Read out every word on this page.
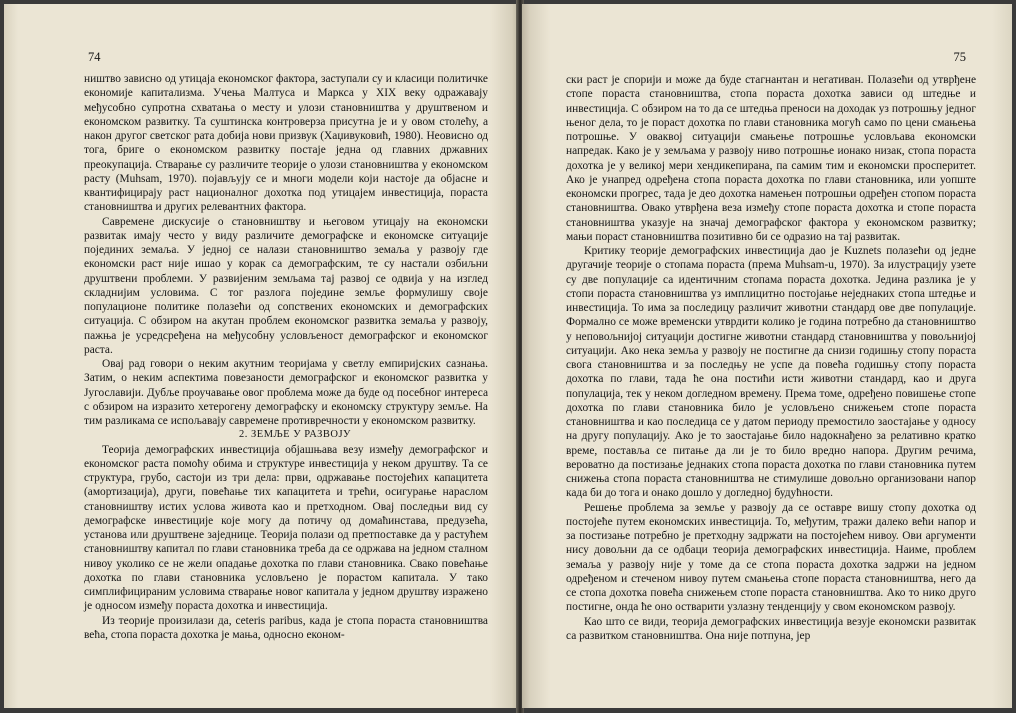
74

ништво зависно од утицаја економског фактора, заступали су и класици политичке економије капитализма. Учења Малтуса и Маркса у XIX веку одражавају међусобно супротна схватања о месту и улози становништва у друштвеном и економском развитку. Та суштинска контроверза присутна је и у овом столећу, а након другог светског рата добија нови призвук (Хаџивуковић, 1980). Неовисно од тога, бриге о економском развитку постаје једна од главних државних преокупација. Стварање су различите теорије о улози становништва у економском расту (Muhsam, 1970). појављују се и многи модели који настоје да објасне и квантифицирају раст националног дохотка под утицајем инвестиција, пораста становништва и других релевантних фактора.

Савремене дискусије о становништву и његовом утицају на економски развитак имају често у виду различите демографске и економске ситуације појединих земаља. У једној се налази становништво земаља у развоју где економски раст није ишао у корак са демографским, те су настали озбиљни друштвени проблеми. У развијеним земљама тај развој се одвија у на изглед складнијим условима. С тог разлога поједине земље формулишу своје популационе политике полазећи од сопствених економских и демографских ситуација. С обзиром на акутан проблем економског развитка земаља у развоју, пажња је усредсређена на међусобну условљеност демографског и економског раста.

Овај рад говори о неким акутним теоријама у светлу емпиријских сазнања. Затим, о неким аспектима повезаности демографског и економског развитка у Југославији. Дубље проучавање овог проблема може да буде од посебног интереса с обзиром на изразито хетерогену демографску и економску структуру земље. На тим разликама се испољавају савремене противречности у економском развитку.

2. ЗЕМЉЕ У РАЗВОЈУ

Теорија демографских инвестиција објашњава везу између демографског и економског раста помоћу обима и структуре инвестиција у неком друштву. Та се структура, грубо, састоји из три дела: први, одржавање постојећих капацитета (амортизација), други, повећање тих капацитета и трећи, осигурање нараслом становништву истих услова живота као и претходном. Овај последњи вид су демографске инвестиције које могу да потичу од домаћинстава, предузећа, установа или друштвене заједнице. Теорија полази од претпоставке да у растућем становништву капитал по глави становника треба да се одржава на једном сталном нивоу уколико се не жели опадање дохотка по глави становника. Свако повећање дохотка по глави становника условљено је порастом капитала. У тако симплифицираним условима стварање новог капитала у једном друштву изражено је односом између пораста дохотка и инвестиција.

Из теорије произилази да, ceteris paribus, када је стопа пораста становништва већа, стопа пораста дохотка је мања, односно економ-

75

ски раст је спорији и може да буде стагнантан и негативан. Полазећи од утврђене стопе пораста становништва, стопа пораста дохотка зависи од штедње и инвестиција. С обзиром на то да се штедња преноси на доходак уз потрошњу једног њеног дела, то је пораст дохотка по глави становника могућ само по цени смањења потрошње. У оваквој ситуацији смањење потрошње условљава економски напредак. Како је у земљама у развоју ниво потрошње ионако низак, стопа пораста дохотка је у великој мери хендикепирана, па самим тим и економски просперитет. Ако је унапред одређена стопа пораста дохотка по глави становника, или уопште економски прогрес, тада је део дохотка намењен потрошњи одређен стопом пораста становништва. Овако утврђена веза између стопе пораста дохотка и стопе пораста становништва указује на значај демографског фактора у економском развитку; мањи пораст становништва позитивно би се одразио на тај развитак.

Критику теорије демографских инвестиција дао је Kuznets полазећи од једне другачије теорије о стопама пораста (према Muhsam-u, 1970). За илустрацију узете су две популације са идентичним стопама пораста дохотка. Једина разлика је у стопи пораста становништва уз имплицитно постојање неједнаких стопа штедње и инвестиција. То има за последицу различит животни стандард ове две популације. Формално се може временски утврдити колико је година потребно да становништво у неповољнијој ситуацији достигне животни стандард становништва у повољнијој ситуацији. Ако нека земља у развоју не постигне да снизи годишњу стопу пораста свога становништва и за последњу не успе да повећа годишњу стопу пораста дохотка по глави, тада ће она постићи исти животни стандард, као и друга популација, тек у неком догледном времену. Према томе, одређено повишење стопе дохотка по глави становника било је условљено снижењем стопе пораста становништва и као последица се у датом периоду премостило заостајање у односу на другу популацију. Ако је то заостајање било надокнађено за релативно кратко време, постављa се питање да ли је то било вредно напора. Другим речима, вероватно да постизање једнаких стопа пораста дохотка по глави становника путем снижења стопа пораста становништва не стимулише довољно организовани напор када би до тога и онако дошло у догледној будућности.

Решење проблема за земље у развоју да се оставре вишу стопу дохотка од постојеће путем економских инвестиција. То, међутим, тражи далеко већи напор и за постизање потребно је претходну задржати на постојећем нивоу. Ови аргументи нису довољни да се одбаци теорија демографских инвестиција. Наиме, проблем земаља у развоју није у томе да се стопа пораста дохотка задржи на једном одређеном и стеченом нивоу путем смањења стопе пораста становништва, него да се стопа дохотка повећа снижењем стопе пораста становништва. Ако то нико друго постигне, онда ће оно остварити узлазну тенденцију у свом економском развоју.

Као што се види, теорија демографских инвестиција везује економски развитак са развитком становништва. Она није потпуна, јер
